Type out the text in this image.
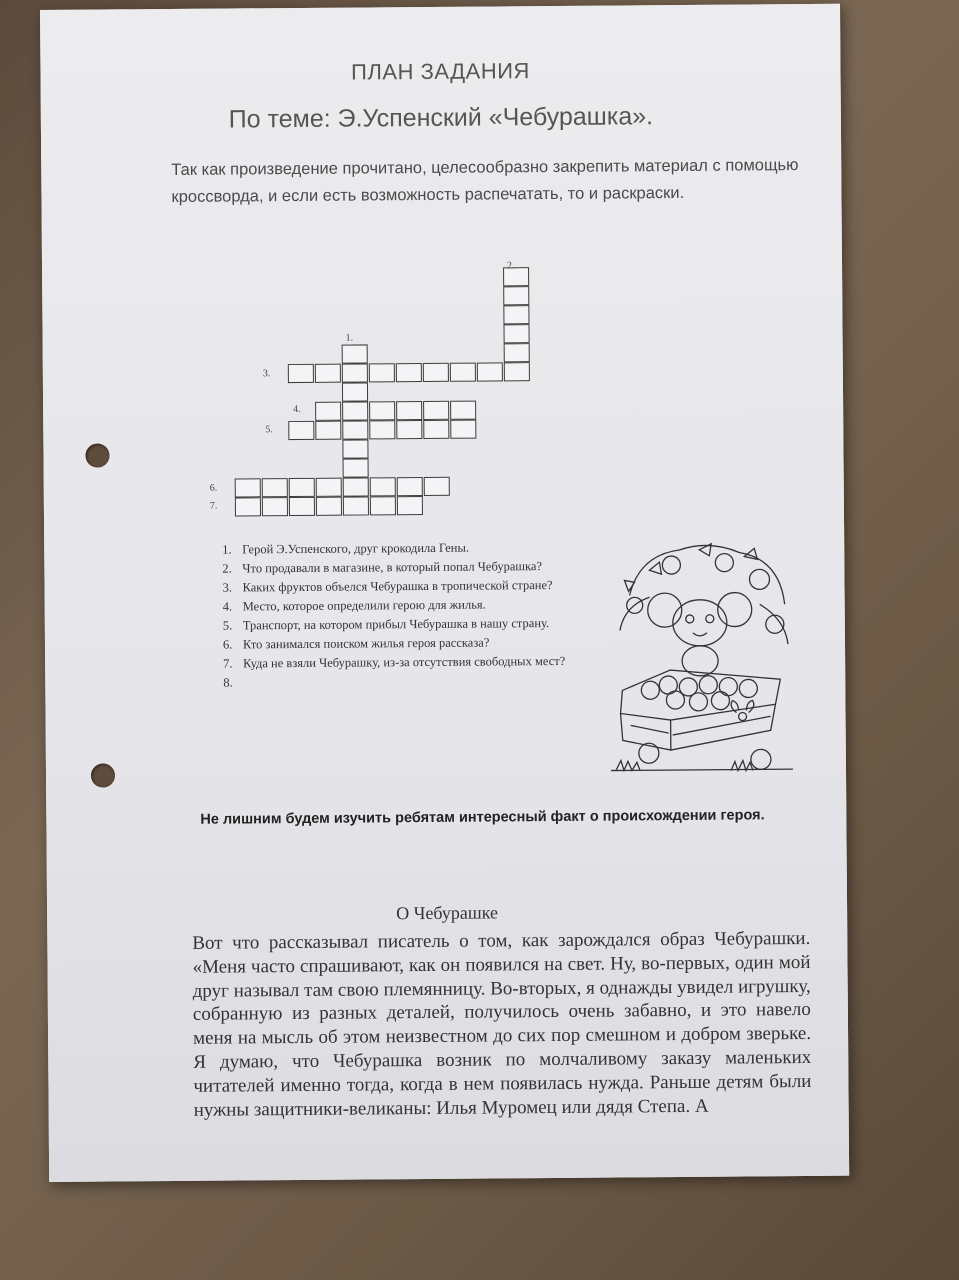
ПЛАН ЗАДАНИЯ
По теме: Э.Успенский «Чебурашка».
Так как произведение прочитано, целесообразно закрепить материал с помощью кроссворда, и если есть возможность распечатать, то и раскраски.
1.
2.
3.
4.
5.
6.
7.
1. Герой Э.Успенского, друг крокодила Гены.
2. Что продавали в магазине, в который попал Чебурашка?
3. Каких фруктов объелся Чебурашка в тропической стране?
4. Место, которое определили герою для жилья.
5. Транспорт, на котором прибыл Чебурашка в нашу страну.
6. Кто занимался поиском жилья героя рассказа?
7. Куда не взяли Чебурашку, из-за отсутствия свободных мест?
8.
Не лишним будем изучить ребятам интересный факт о происхождении героя.
О Чебурашке
Вот что рассказывал писатель о том, как зарождался образ Чебурашки. «Меня часто спрашивают, как он появился на свет. Ну, во-первых, один мой друг называл там свою племянницу. Во-вторых, я однажды увидел игрушку, собранную из разных деталей, получилось очень забавно, и это навело меня на мысль об этом неизвестном до сих пор смешном и добром зверьке. Я думаю, что Чебурашка возник по молчаливому заказу маленьких читателей именно тогда, когда в нем появилась нужда. Раньше детям были нужны защитники-великаны: Илья Муромец или дядя Степа. А
